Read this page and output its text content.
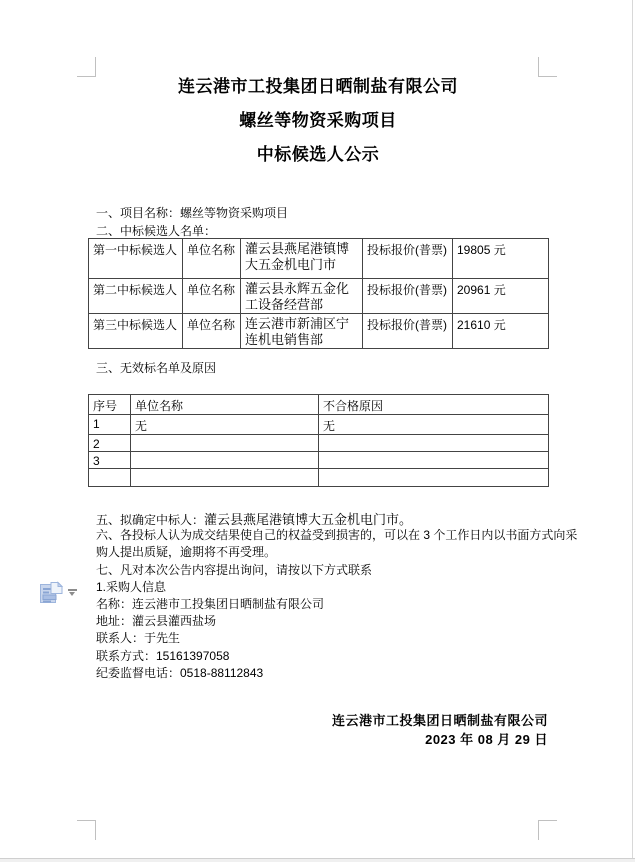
连云港市工投集团日晒制盐有限公司
螺丝等物资采购项目
中标候选人公示
一、项目名称：螺丝等物资采购项目
二、中标候选人名单：
第一中标候选人	单位名称	灌云县燕尾港镇博大五金机电门市	投标报价(普票)	19805 元
第二中标候选人	单位名称	灌云县永辉五金化工设备经营部	投标报价(普票)	20961 元
第三中标候选人	单位名称	连云港市新浦区宁连机电销售部	投标报价(普票)	21610 元
三、无效标名单及原因
序号	单位名称	不合格原因
1	无	无
2		
3		

五、拟确定中标人：灌云县燕尾港镇博大五金机电门市。
六、各投标人认为成交结果使自己的权益受到损害的，可以在 3 个工作日内以书面方式向采
购人提出质疑，逾期将不再受理。
七、凡对本次公告内容提出询问，请按以下方式联系
1.采购人信息
名称：连云港市工投集团日晒制盐有限公司
地址：灌云县灌西盐场
联系人：于先生
联系方式：15161397058
纪委监督电话：0518-88112843
连云港市工投集团日晒制盐有限公司
2023 年 08 月 29 日
